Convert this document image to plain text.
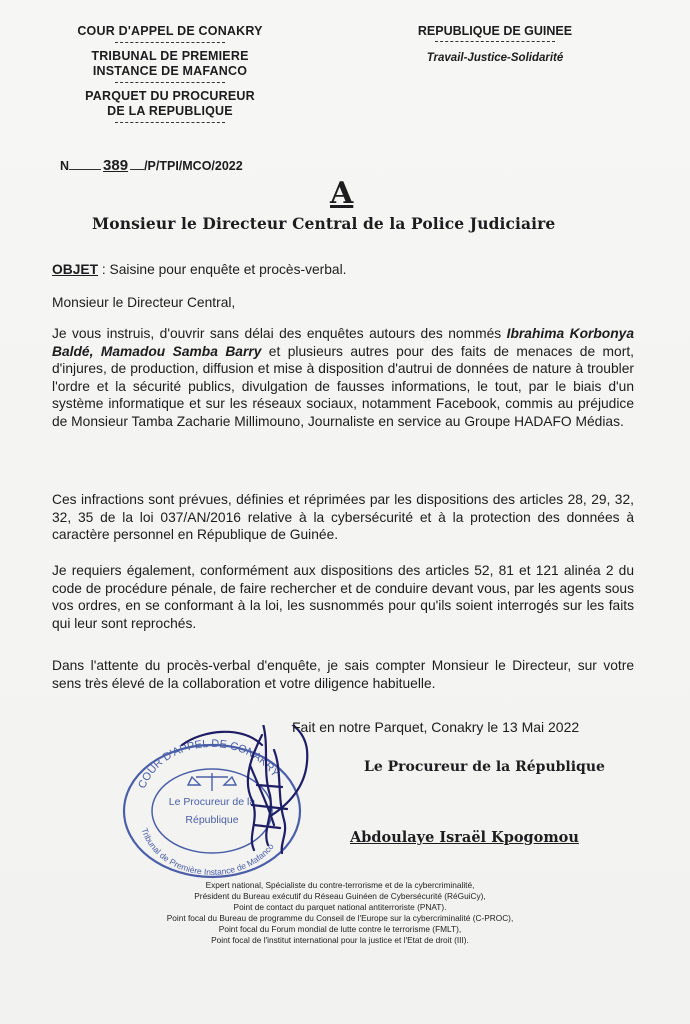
COUR D'APPEL DE CONAKRY
TRIBUNAL DE PREMIERE INSTANCE DE MAFANCO
PARQUET DU PROCUREUR DE LA REPUBLIQUE
REPUBLIQUE DE GUINEE
Travail-Justice-Solidarité
N 389 /P/TPI/MCO/2022
A
Monsieur le Directeur Central de la Police Judiciaire
OBJET : Saisine pour enquête et procès-verbal.
Monsieur le Directeur Central,
Je vous instruis, d'ouvrir sans délai des enquêtes autours des nommés Ibrahima Korbonya Baldé, Mamadou Samba Barry et plusieurs autres pour des faits de menaces de mort, d'injures, de production, diffusion et mise à disposition d'autrui de données de nature à troubler l'ordre et la sécurité publics, divulgation de fausses informations, le tout, par le biais d'un système informatique et sur les réseaux sociaux, notamment Facebook, commis au préjudice de Monsieur Tamba Zacharie Millimouno, Journaliste en service au Groupe HADAFO Médias.
Ces infractions sont prévues, définies et réprimées par les dispositions des articles 28, 29, 32, 32, 35 de la loi 037/AN/2016 relative à la cybersécurité et à la protection des données à caractère personnel en République de Guinée.
Je requiers également, conformément aux dispositions des articles 52, 81 et 121 alinéa 2 du code de procédure pénale, de faire rechercher et de conduire devant vous, par les agents sous vos ordres, en se conformant à la loi, les susnommés pour qu'ils soient interrogés sur les faits qui leur sont reprochés.
Dans l'attente du procès-verbal d'enquête, je sais compter Monsieur le Directeur, sur votre sens très élevé de la collaboration et votre diligence habituelle.
COUR D'APPEL DE CONAKRY
Tribunal de Première Instance de Mafanco
Le Procureur de la
République
Fait en notre Parquet, Conakry le 13 Mai 2022
Le Procureur de la République
Abdoulaye Israël Kpogomou
Expert national, Spécialiste du contre-terrorisme et de la cybercriminalité,
Président du Bureau exécutif du Réseau Guinéen de Cybersécurité (RéGuiCy),
Point de contact du parquet national antiterroriste (PNAT).
Point focal du Bureau de programme du Conseil de l'Europe sur la cybercriminalité (C-PROC),
Point focal du Forum mondial de lutte contre le terrorisme (FMLT),
Point focal de l'institut international pour la justice et l'Etat de droit (III).
